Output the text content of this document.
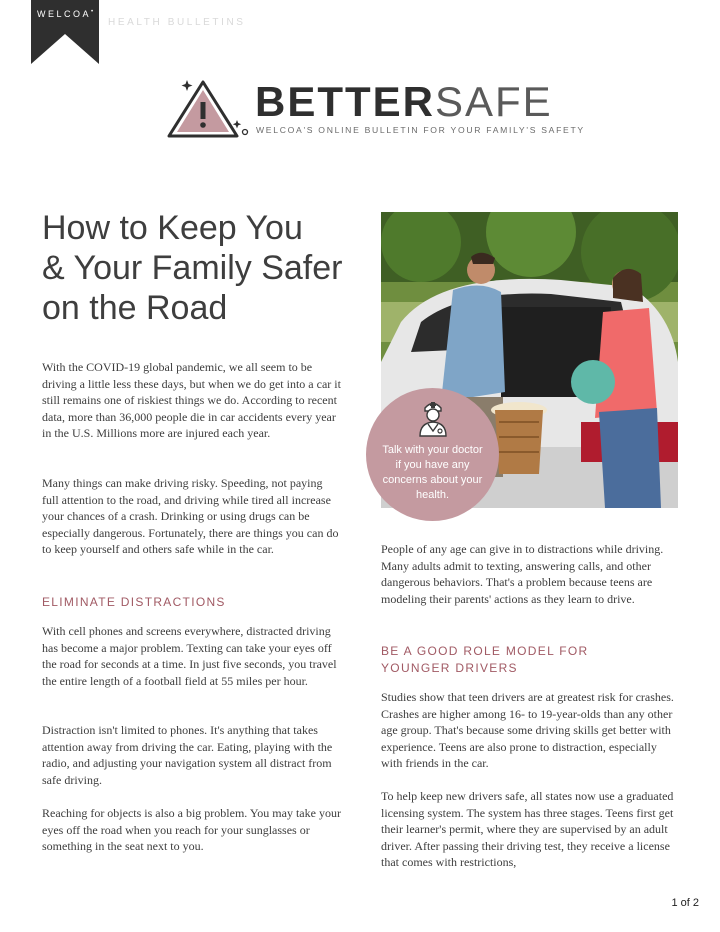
WELCOA•
HEALTH BULLETINS
BETTERSAFE
WELCOA'S ONLINE BULLETIN FOR YOUR FAMILY'S SAFETY
How to Keep You
& Your Family Safer
on the Road

With the COVID-19 global pandemic, we all seem to be driving a little less these days, but when we do get into a car it still remains one of riskiest things we do. According to recent data, more than 36,000 people die in car accidents every year in the U.S. Millions more are injured each year.

Many things can make driving risky. Speeding, not paying full attention to the road, and driving while tired all increase your chances of a crash. Drinking or using drugs can be especially dangerous. Fortunately, there are things you can do to keep yourself and others safe while in the car.

ELIMINATE DISTRACTIONS

With cell phones and screens everywhere, distracted driving has become a major problem. Texting can take your eyes off the road for seconds at a time. In just five seconds, you travel the entire length of a football field at 55 miles per hour.

Distraction isn't limited to phones. It's anything that takes attention away from driving the car. Eating, playing with the radio, and adjusting your navigation system all distract from safe driving.

Reaching for objects is also a big problem. You may take your eyes off the road when you reach for your sunglasses or something in the seat next to you.

Talk with your doctor if you have any concerns about your health.

People of any age can give in to distractions while driving. Many adults admit to texting, answering calls, and other dangerous behaviors. That's a problem because teens are modeling their parents' actions as they learn to drive.

BE A GOOD ROLE MODEL FOR
YOUNGER DRIVERS

Studies show that teen drivers are at greatest risk for crashes. Crashes are higher among 16- to 19-year-olds than any other age group. That's because some driving skills get better with experience. Teens are also prone to distraction, especially with friends in the car.

To help keep new drivers safe, all states now use a graduated licensing system. The system has three stages. Teens first get their learner's permit, where they are supervised by an adult driver. After passing their driving test, they receive a license that comes with restrictions,

1 of 2
